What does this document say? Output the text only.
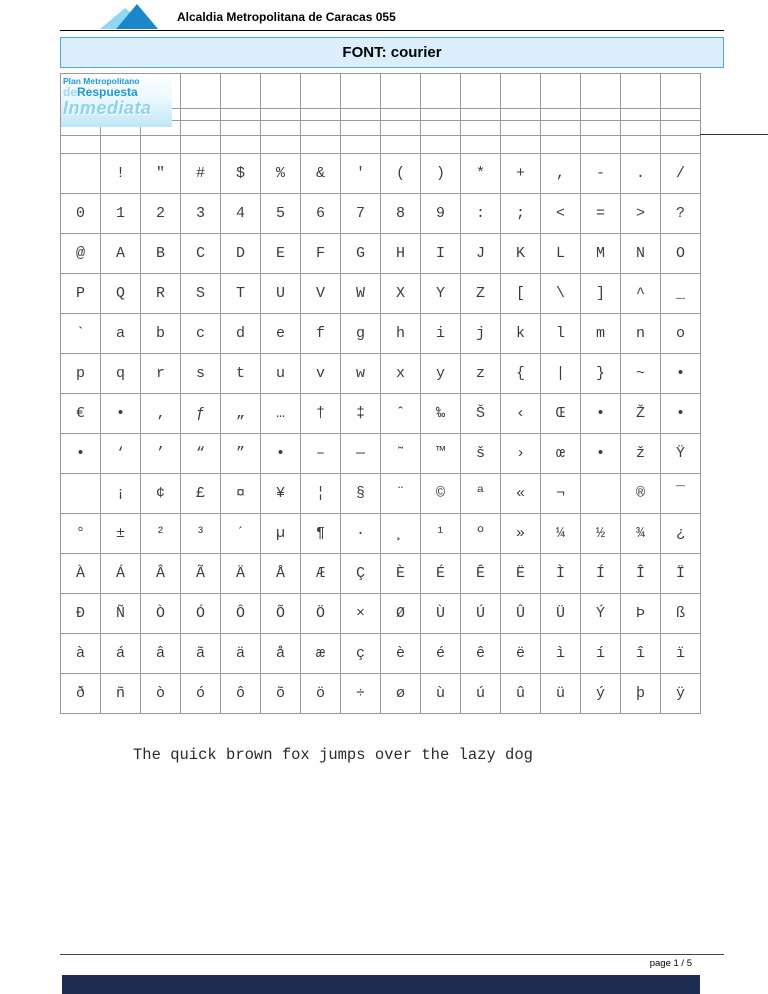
Alcaldia Metropolitana de Caracas 055
FONT: courier

	!	"	#	$	%	&	'	(	)	*	+	,	-	.	/
0	1	2	3	4	5	6	7	8	9	:	;	<	=	>	?
@	A	B	C	D	E	F	G	H	I	J	K	L	M	N	O
P	Q	R	S	T	U	V	W	X	Y	Z	[	\	]	^	_
`	a	b	c	d	e	f	g	h	i	j	k	l	m	n	o
p	q	r	s	t	u	v	w	x	y	z	{	|	}	~	•
€	•	‚	ƒ	„	…	†	‡	ˆ	‰	Š	‹	Œ	•	Ž	•
•	‘	’	“	”	•	–	—	˜	™	š	›	œ	•	ž	Ÿ
	¡	¢	£	¤	¥	¦	§	¨	©	ª	«	¬		®	¯
°	±	²	³	´	µ	¶	·	¸	¹	º	»	¼	½	¾	¿
À	Á	Â	Ã	Ä	Å	Æ	Ç	È	É	Ê	Ë	Ì	Í	Î	Ï
Ð	Ñ	Ò	Ó	Ô	Õ	Ö	×	Ø	Ù	Ú	Û	Ü	Ý	Þ	ß
à	á	â	ã	ä	å	æ	ç	è	é	ê	ë	ì	í	î	ï
ð	ñ	ò	ó	ô	õ	ö	÷	ø	ù	ú	û	ü	ý	þ	ÿ
Plan Metropolitano
deRespuesta
Inmediata
The quick brown fox jumps over the lazy dog
page 1 / 5
